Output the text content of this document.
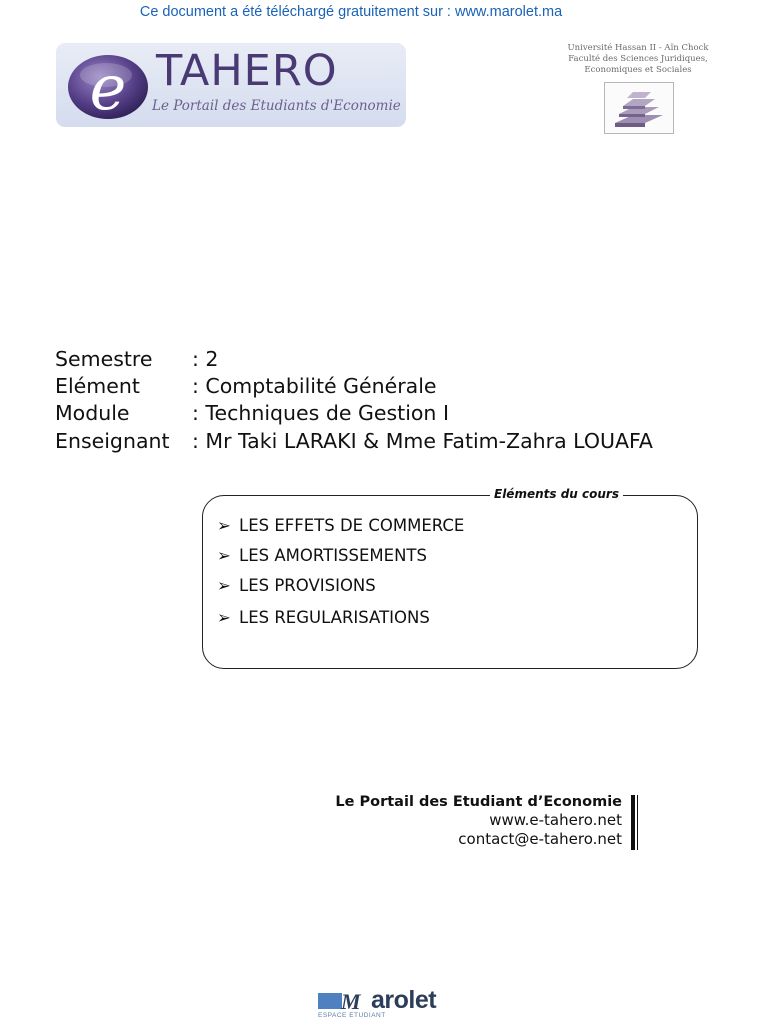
Ce document a été téléchargé gratuitement sur : www.marolet.ma
e TAHERO
Le Portail des Etudiants d'Economie
Université Hassan II - Aïn Chock
Faculté des Sciences Juridiques,
Economiques et Sociales
Semestre : 2
Elément	: Comptabilité Générale
Module	: Techniques de Gestion I
Enseignant : Mr Taki LARAKI & Mme Fatim-Zahra LOUAFA
Eléments du cours
➢ LES EFFETS DE COMMERCE
➢ LES AMORTISSEMENTS
➢ LES PROVISIONS
➢ LES REGULARISATIONS
Le Portail des Etudiant d’Economie
www.e-tahero.net
contact@e-tahero.net
M arolet
ESPACE ETUDIANT
